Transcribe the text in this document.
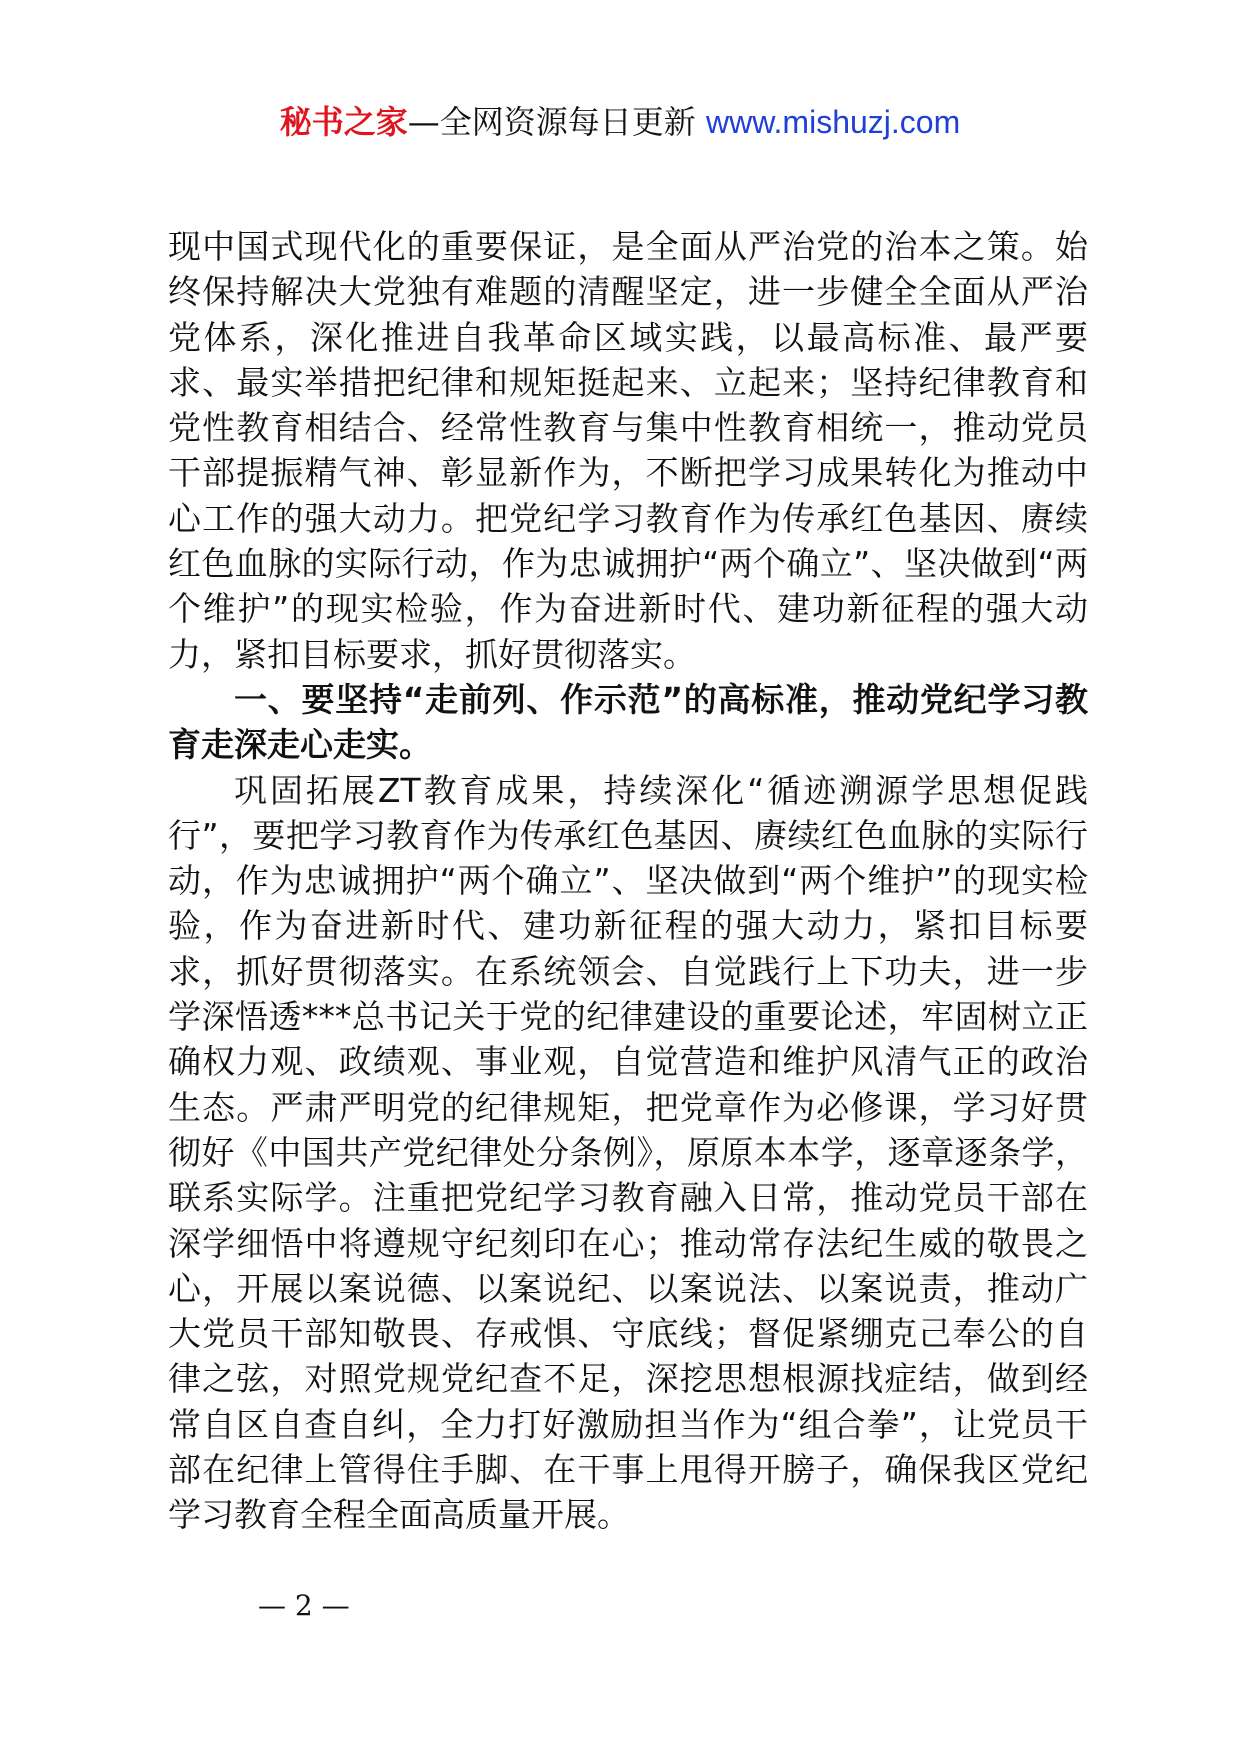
秘书之家—全网资源每日更新 www.mishuzj.com

现中国式现代化的重要保证，是全面从严治党的治本之策。始终保持解决大党独有难题的清醒坚定，进一步健全全面从严治党体系，深化推进自我革命区域实践，以最高标准、最严要求、最实举措把纪律和规矩挺起来、立起来；坚持纪律教育和党性教育相结合、经常性教育与集中性教育相统一，推动党员干部提振精气神、彰显新作为，不断把学习成果转化为推动中心工作的强大动力。把党纪学习教育作为传承红色基因、赓续红色血脉的实际行动，作为忠诚拥护“两个确立”、坚决做到“两个维护”的现实检验，作为奋进新时代、建功新征程的强大动力，紧扣目标要求，抓好贯彻落实。

一、要坚持“走前列、作示范”的高标准，推动党纪学习教育走深走心走实。

巩固拓展ZT教育成果，持续深化“循迹溯源学思想促践行”，要把学习教育作为传承红色基因、赓续红色血脉的实际行动，作为忠诚拥护“两个确立”、坚决做到“两个维护”的现实检验，作为奋进新时代、建功新征程的强大动力，紧扣目标要求，抓好贯彻落实。在系统领会、自觉践行上下功夫，进一步学深悟透***总书记关于党的纪律建设的重要论述，牢固树立正确权力观、政绩观、事业观，自觉营造和维护风清气正的政治生态。严肃严明党的纪律规矩，把党章作为必修课，学习好贯彻好《中国共产党纪律处分条例》，原原本本学，逐章逐条学，联系实际学。注重把党纪学习教育融入日常，推动党员干部在深学细悟中将遵规守纪刻印在心；推动常存法纪生威的敬畏之心，开展以案说德、以案说纪、以案说法、以案说责，推动广大党员干部知敬畏、存戒惧、守底线；督促紧绷克己奉公的自律之弦，对照党规党纪查不足，深挖思想根源找症结，做到经常自区自查自纠，全力打好激励担当作为“组合拳”，让党员干部在纪律上管得住手脚、在干事上甩得开膀子，确保我区党纪学习教育全程全面高质量开展。

— 2 —
